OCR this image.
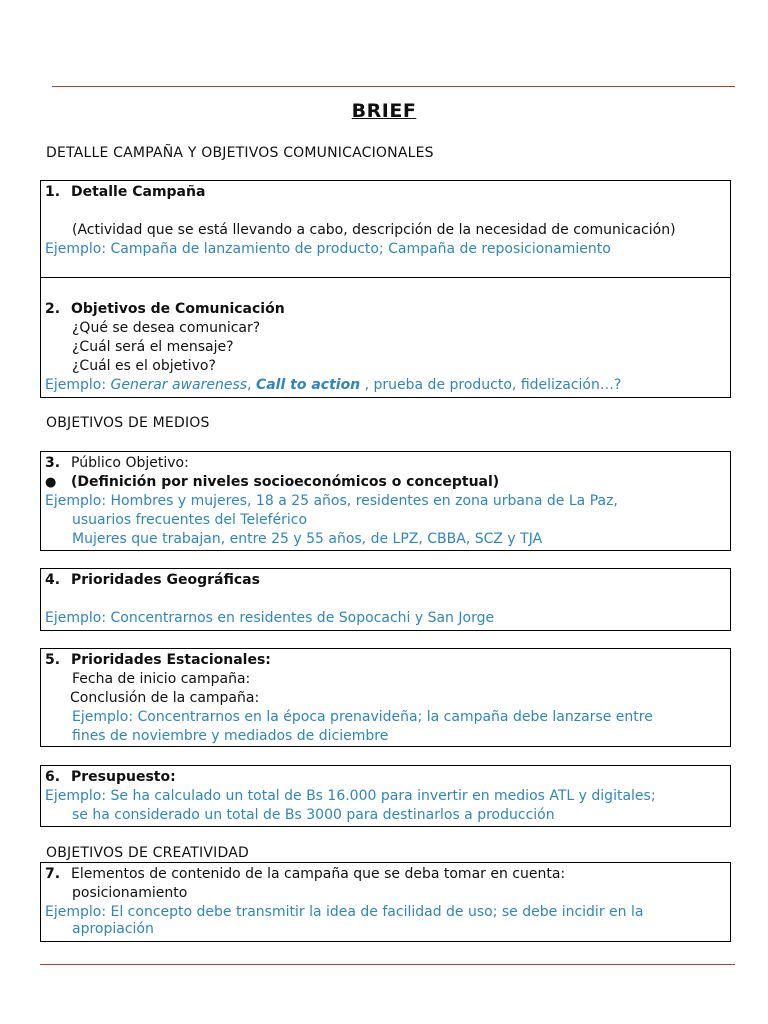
BRIEF
DETALLE CAMPAÑA Y OBJETIVOS COMUNICACIONALES
1. Detalle Campaña
(Actividad que se está llevando a cabo, descripción de la necesidad de comunicación)
Ejemplo: Campaña de lanzamiento de producto; Campaña de reposicionamiento
2. Objetivos de Comunicación
¿Qué se desea comunicar?
¿Cuál será el mensaje?
¿Cuál es el objetivo?
Ejemplo: Generar awareness, Call to action , prueba de producto, fidelización…?
OBJETIVOS DE MEDIOS
3. Público Objetivo:
● (Definición por niveles socioeconómicos o conceptual)
Ejemplo: Hombres y mujeres, 18 a 25 años, residentes en zona urbana de La Paz,
usuarios frecuentes del Teleférico
Mujeres que trabajan, entre 25 y 55 años, de LPZ, CBBA, SCZ y TJA
4. Prioridades Geográficas
Ejemplo: Concentrarnos en residentes de Sopocachi y San Jorge
5. Prioridades Estacionales:
Fecha de inicio campaña:
Conclusión de la campaña:
Ejemplo: Concentrarnos en la época prenavideña; la campaña debe lanzarse entre
fines de noviembre y mediados de diciembre
6. Presupuesto:
Ejemplo: Se ha calculado un total de Bs 16.000 para invertir en medios ATL y digitales;
se ha considerado un total de Bs 3000 para destinarlos a producción
OBJETIVOS DE CREATIVIDAD
7. Elementos de contenido de la campaña que se deba tomar en cuenta:
posicionamiento
Ejemplo: El concepto debe transmitir la idea de facilidad de uso; se debe incidir en la
apropiación
